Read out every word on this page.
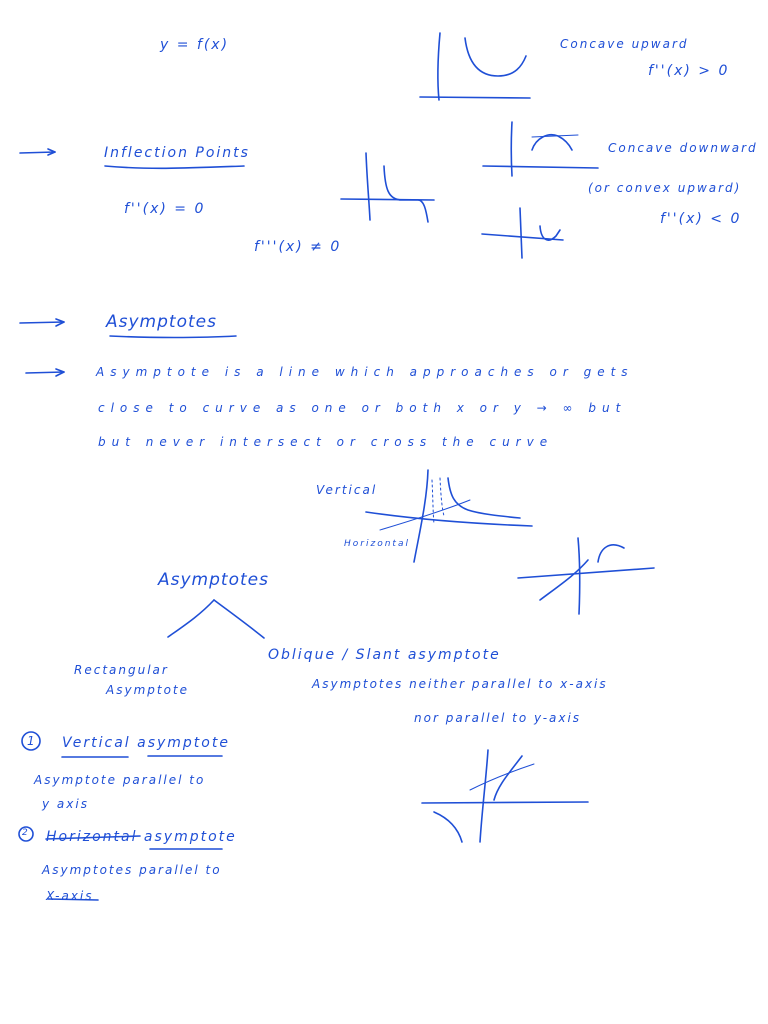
y = f(x)	Concave upward
f''(x) > 0
Inflection Points
f''(x) = 0
f'''(x) ≠ 0
Concave downward
(or convex upward)
f''(x) < 0
Asymptotes
Asymptote is a line which approaches or gets
close to curve as one or both x or y → ∞ but
but never intersect or cross the curve
Vertical
Horizontal
Asymptotes
Rectangular
Asymptote
Oblique / Slant asymptote
Asymptotes neither parallel to x-axis
nor parallel to y-axis
1 Vertical asymptote
Asymptote parallel to
y axis
2 Horizontal asymptote
Asymptotes parallel to
X-axis
